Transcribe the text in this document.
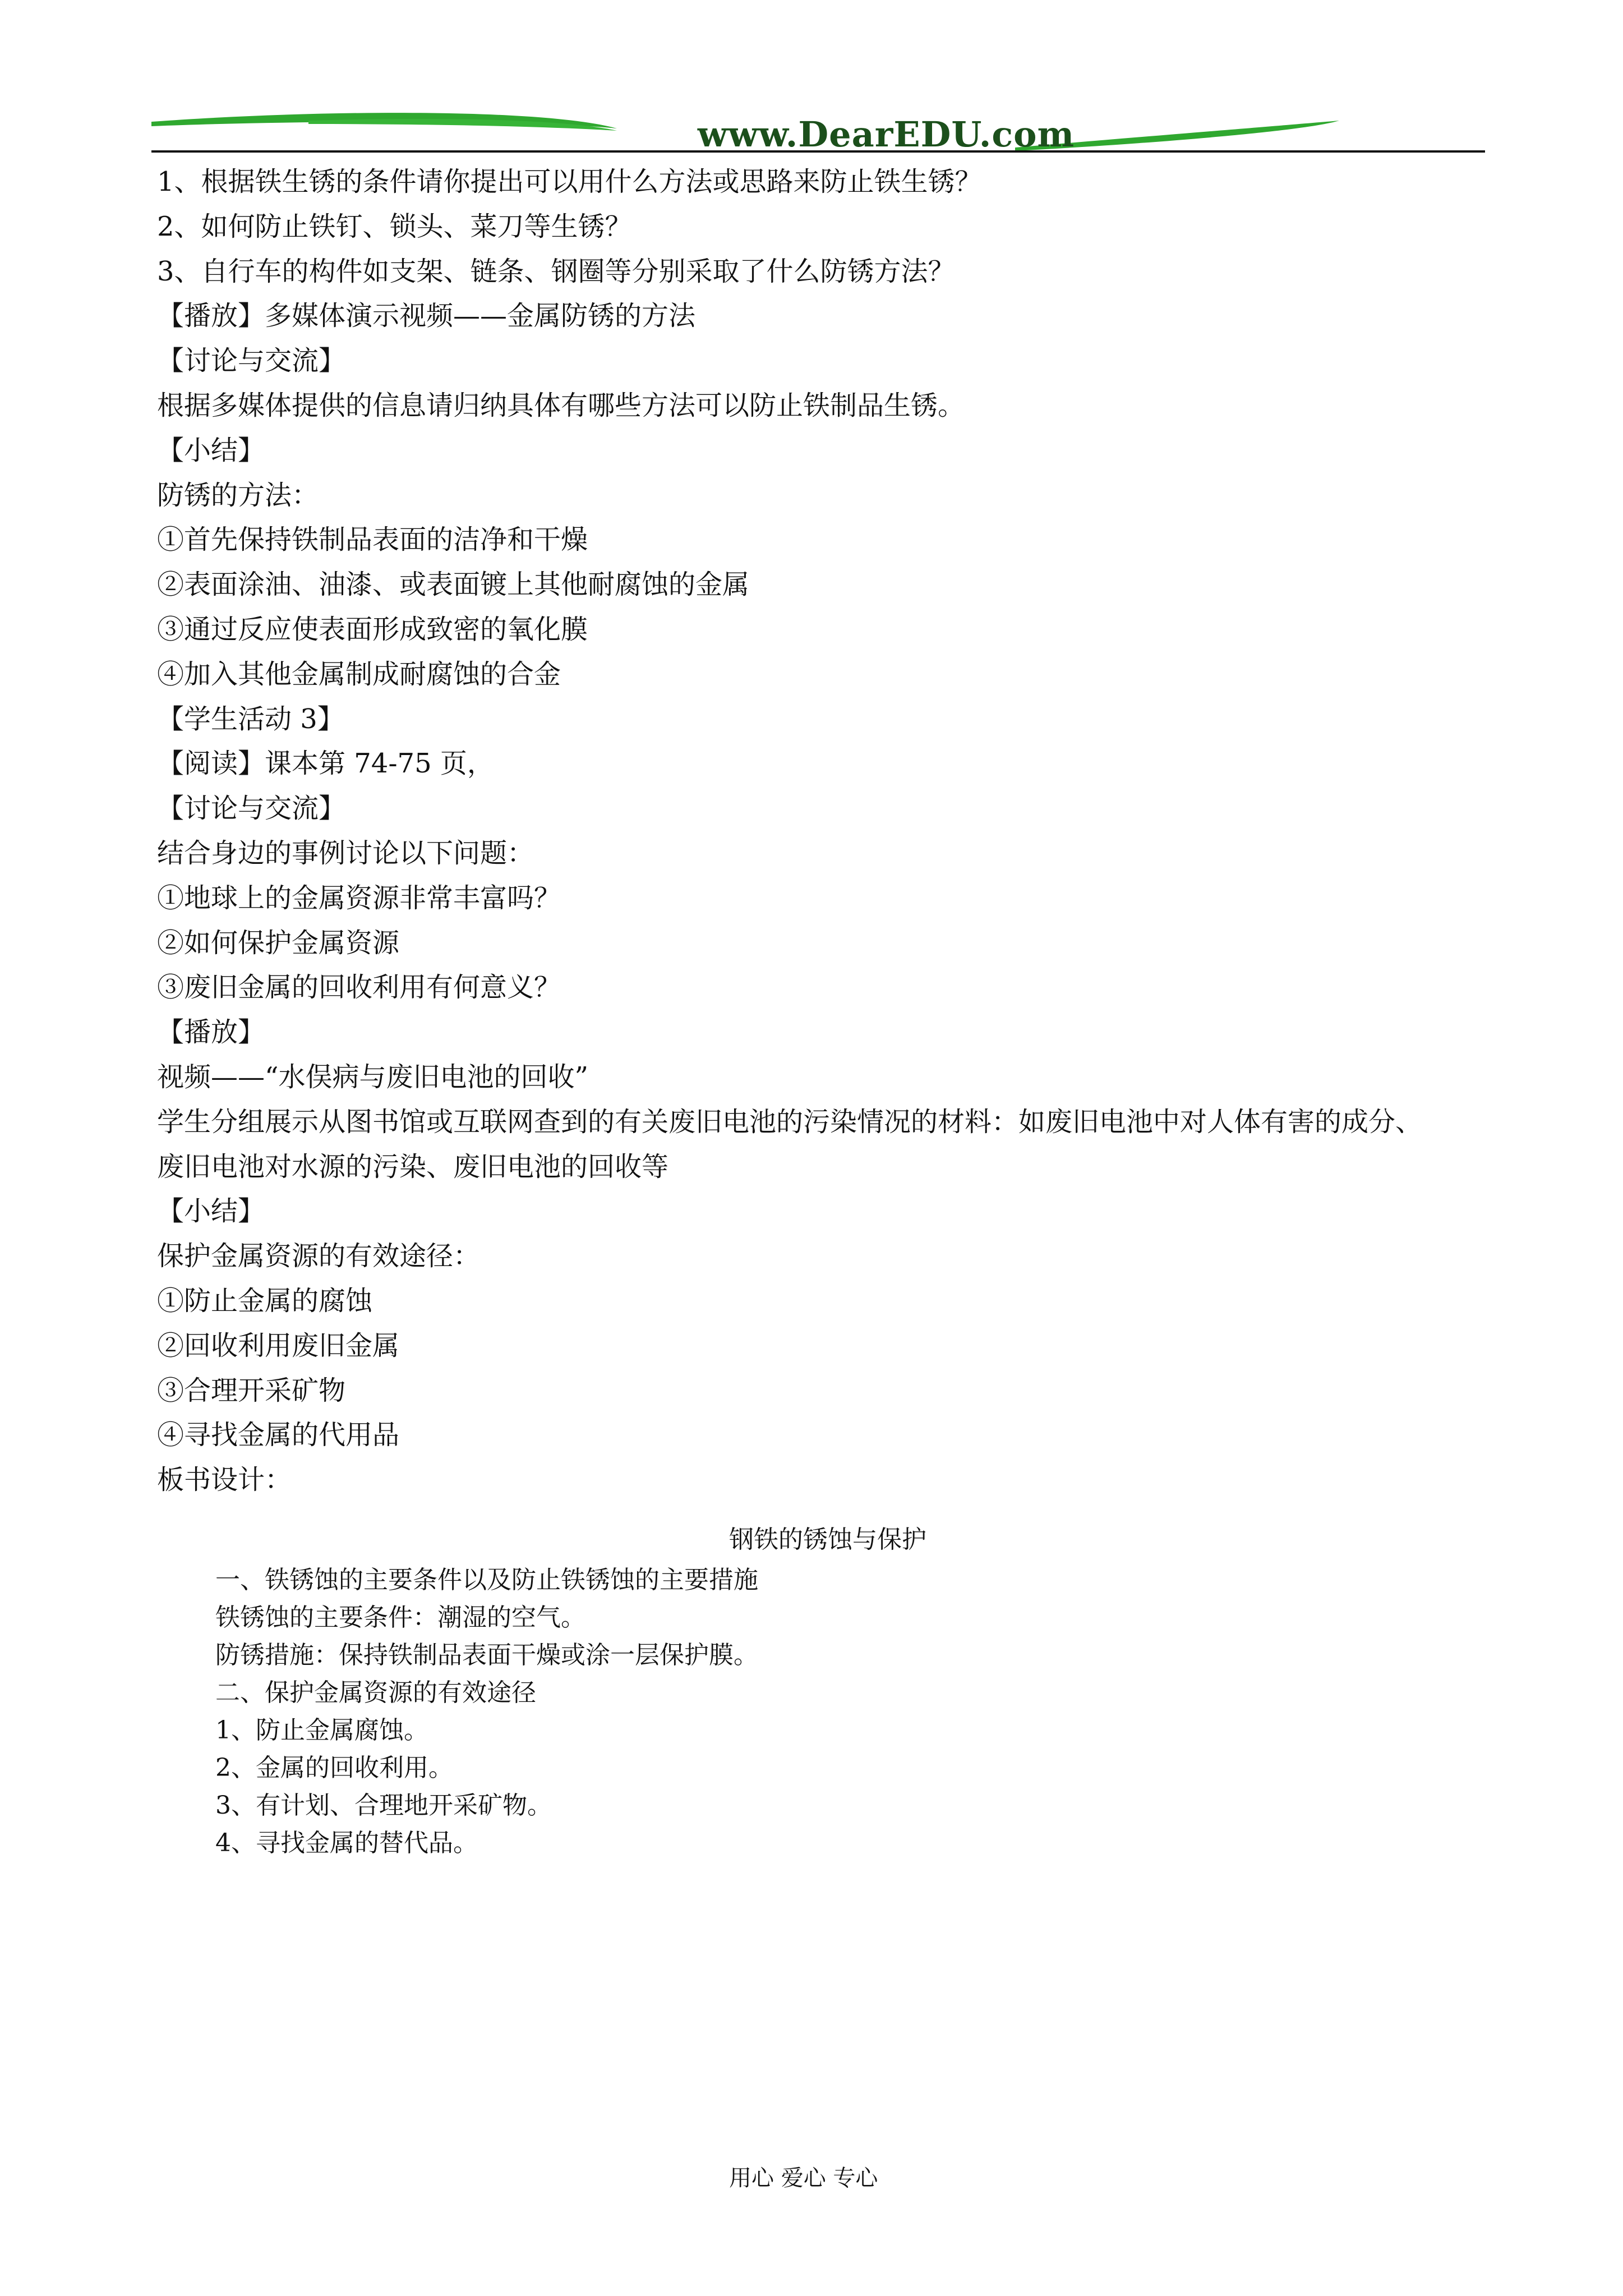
www.DearEDU.com
1、根据铁生锈的条件请你提出可以用什么方法或思路来防止铁生锈？
2、如何防止铁钉、锁头、菜刀等生锈？
3、自行车的构件如支架、链条、钢圈等分别采取了什么防锈方法？
【播放】多媒体演示视频——金属防锈的方法
【讨论与交流】
根据多媒体提供的信息请归纳具体有哪些方法可以防止铁制品生锈。
【小结】
防锈的方法：
①首先保持铁制品表面的洁净和干燥
②表面涂油、油漆、或表面镀上其他耐腐蚀的金属
③通过反应使表面形成致密的氧化膜
④加入其他金属制成耐腐蚀的合金
【学生活动 3】
【阅读】课本第 74-75 页，
【讨论与交流】
结合身边的事例讨论以下问题：
①地球上的金属资源非常丰富吗？
②如何保护金属资源
③废旧金属的回收利用有何意义？
【播放】
视频——“水俣病与废旧电池的回收”
学生分组展示从图书馆或互联网查到的有关废旧电池的污染情况的材料：如废旧电池中对人体有害的成分、
废旧电池对水源的污染、废旧电池的回收等
【小结】
保护金属资源的有效途径：
①防止金属的腐蚀
②回收利用废旧金属
③合理开采矿物
④寻找金属的代用品
板书设计：
钢铁的锈蚀与保护
一、铁锈蚀的主要条件以及防止铁锈蚀的主要措施
铁锈蚀的主要条件：潮湿的空气。
防锈措施：保持铁制品表面干燥或涂一层保护膜。
二、保护金属资源的有效途径
1、防止金属腐蚀。
2、金属的回收利用。
3、有计划、合理地开采矿物。
4、寻找金属的替代品。
用心 爱心 专心
